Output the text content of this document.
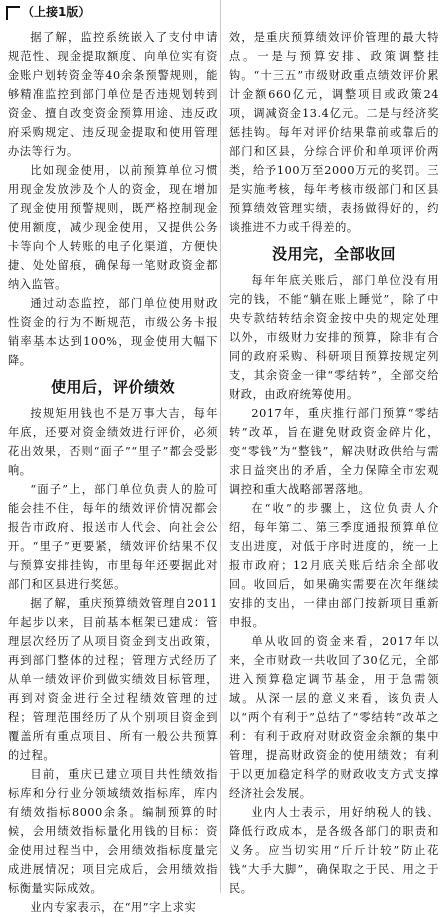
（上接1版）

据了解，监控系统嵌入了支付申请规范性、现金提取额度、向单位实有资金账户划转资金等40余条预警规则，能够精准监控到部门单位是否违规划转到资金、擅自改变资金预算用途、违反政府采购规定、违反现金提取和使用管理办法等行为。

比如现金使用，以前预算单位习惯用现金发放涉及个人的资金，现在增加了现金使用预警规则，既严格控制现金使用额度，减少现金使用，又提供公务卡等向个人转账的电子化渠道，方便快捷、处处留痕，确保每一笔财政资金都纳入监管。

通过动态监控，部门单位使用财政性资金的行为不断规范，市级公务卡报销率基本达到100%，现金使用大幅下降。

使用后，评价绩效

按规矩用钱也不是万事大吉，每年年底，还要对资金绩效进行评价，必须花出效果，否则“面子”“里子”都会受影响。

“面子”上，部门单位负责人的脸可能会挂不住，每年的绩效评价情况都会报告市政府、报送市人代会、向社会公开。“里子”更要紧，绩效评价结果不仅与预算安排挂钩，市里每年还要据此对部门和区县进行奖惩。

据了解，重庆预算绩效管理自2011年起步以来，目前基本框架已建成：管理层次经历了从项目资金到支出政策，再到部门整体的过程；管理方式经历了从单一绩效评价到做实绩效目标管理，再到对资金进行全过程绩效管理的过程；管理范围经历了从个别项目资金到覆盖所有重点项目、所有一般公共预算的过程。

目前，重庆已建立项目共性绩效指标库和分行业分领域绩效指标库，库内有绩效指标8000余条。编制预算的时候，会用绩效指标量化用钱的目标：资金使用过程当中，会用绩效指标度量完成进展情况；项目完成后，会用绩效指标衡量实际成效。

业内专家表示，在“用”字上求实

效，是重庆预算绩效评价管理的最大特点。一是与预算安排、政策调整挂钩。“十三五”市级财政重点绩效评价累计金额660亿元，调整项目或政策24项，调减资金13.4亿元。二是与经济奖惩挂钩。每年对评价结果靠前或靠后的部门和区县，分综合评价和单项评价两类，给予100万至2000万元的奖罚。三是实施考核，每年考核市级部门和区县预算绩效管理实绩，表扬做得好的，约谈推进不力或千得差的。

没用完，全部收回

每年年底关账后，部门单位没有用完的钱，不能“躺在账上睡觉”，除了中央专款结转结余资金按中央的规定处理以外，市级财力安排的预算，除非有合同的政府采购、科研项目预算按规定列支，其余资金一律“零结转”，全部交给财政，由政府统筹使用。

2017年，重庆推行部门预算“零结转”改革，旨在避免财政资金碎片化，变“零钱”为“整钱”，解决财政供给与需求日益突出的矛盾，全力保障全市宏观调控和重大战略部署落地。

在“收”的步骤上，这位负责人介绍，每年第二、第三季度通报预算单位支出进度，对低于序时进度的，统一上报市政府；12月底关账后结余全部收回。收回后，如果确实需要在次年继续安排的支出，一律由部门按新项目重新申报。

单从收回的资金来看，2017年以来，全市财政一共收回了30亿元，全部进入预算稳定调节基金，用于急需领域。从深一层的意义来看，该负责人以“两个有利于”总结了“零结转”改革之利：有利于政府对财政资金余额的集中管理，提高财政资金的使用绩效；有利于以更加稳定科学的财政收支方式支撑经济社会发展。

业内人士表示，用好纳税人的钱、降低行政成本，是各级各部门的职责和义务。应当切实用“斤斤计较”防止花钱“大手大脚”，确保取之于民、用之于民。
